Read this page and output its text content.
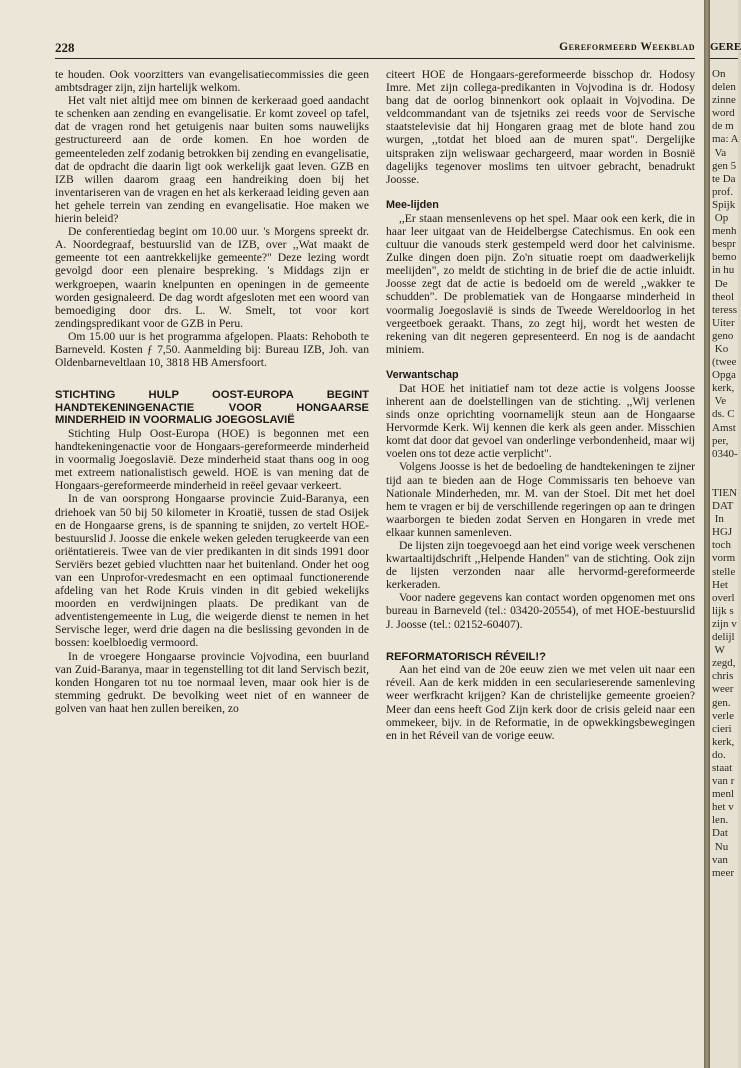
228	Gereformeerd Weekblad

te houden. Ook voorzitters van evangelisatiecommissies die geen ambtsdrager zijn, zijn hartelijk welkom.

Het valt niet altijd mee om binnen de kerkeraad goed aandacht te schenken aan zending en evangelisatie. Er komt zoveel op tafel, dat de vragen rond het getuigenis naar buiten soms nauwelijks gestructureerd aan de orde komen. En hoe worden de gemeenteleden zelf zodanig betrokken bij zending en evangelisatie, dat de opdracht die daarin ligt ook werkelijk gaat leven. GZB en IZB willen daarom graag een handreiking doen bij het inventariseren van de vragen en het als kerkeraad leiding geven aan het gehele terrein van zending en evangelisatie. Hoe maken we hierin beleid?

De conferentiedag begint om 10.00 uur. 's Morgens spreekt dr. A. Noordegraaf, bestuurslid van de IZB, over ,,Wat maakt de gemeente tot een aantrekkelijke gemeente?" Deze lezing wordt gevolgd door een plenaire bespreking. 's Middags zijn er werkgroepen, waarin knelpunten en openingen in de gemeente worden gesignaleerd. De dag wordt afgesloten met een woord van bemoediging door drs. L. W. Smelt, tot voor kort zendingspredikant voor de GZB in Peru.

Om 15.00 uur is het programma afgelopen. Plaats: Rehoboth te Barneveld. Kosten ƒ 7,50. Aanmelding bij: Bureau IZB, Joh. van Oldenbarneveltlaan 10, 3818 HB Amersfoort.

STICHTING HULP OOST-EUROPA BEGINT HANDTEKENINGENACTIE VOOR HONGAARSE MINDERHEID IN VOORMALIG JOEGOSLAVIË

Stichting Hulp Oost-Europa (HOE) is begonnen met een handtekeningenactie voor de Hongaars-gereformeerde minderheid in voormalig Joegoslavië. Deze minderheid staat thans oog in oog met extreem nationalistisch geweld. HOE is van mening dat de Hongaars-gereformeerde minderheid in reëel gevaar verkeert.

In de van oorsprong Hongaarse provincie Zuid-Baranya, een driehoek van 50 bij 50 kilometer in Kroatië, tussen de stad Osijek en de Hongaarse grens, is de spanning te snijden, zo vertelt HOE-bestuurslid J. Joosse die enkele weken geleden terugkeerde van een oriëntatiereis. Twee van de vier predikanten in dit sinds 1991 door Serviërs bezet gebied vluchtten naar het buitenland. Onder het oog van een Unprofor-vredesmacht en een optimaal functionerende afdeling van het Rode Kruis vinden in dit gebied wekelijks moorden en verdwijningen plaats. De predikant van de adventistengemeente in Lug, die weigerde dienst te nemen in het Servische leger, werd drie dagen na die beslissing gevonden in de bossen: koelbloedig vermoord.

In de vroegere Hongaarse provincie Vojvodina, een buurland van Zuid-Baranya, maar in tegenstelling tot dit land Servisch bezit, konden Hongaren tot nu toe normaal leven, maar ook hier is de stemming gedrukt. De bevolking weet niet of en wanneer de golven van haat hen zullen bereiken, zo

citeert HOE de Hongaars-gereformeerde bisschop dr. Hodosy Imre. Met zijn collega-predikanten in Vojvodina is dr. Hodosy bang dat de oorlog binnenkort ook oplaait in Vojvodina. De veldcommandant van de tsjetniks zei reeds voor de Servische staatstelevisie dat hij Hongaren graag met de blote hand zou wurgen, ,,totdat het bloed aan de muren spat". Dergelijke uitspraken zijn weliswaar gechargeerd, maar worden in Bosnië dagelijks tegenover moslims ten uitvoer gebracht, benadrukt Joosse.

Mee-lijden

,,Er staan mensenlevens op het spel. Maar ook een kerk, die in haar leer uitgaat van de Heidelbergse Catechismus. En ook een cultuur die vanouds sterk gestempeld werd door het calvinisme. Zulke dingen doen pijn. Zo'n situatie roept om daadwerkelijk meelijden", zo meldt de stichting in de brief die de actie inluidt. Joosse zegt dat de actie is bedoeld om de wereld ,,wakker te schudden". De problematiek van de Hongaarse minderheid in voormalig Joegoslavië is sinds de Tweede Wereldoorlog in het vergeetboek geraakt. Thans, zo zegt hij, wordt het westen de rekening van dit negeren gepresenteerd. En nog is de aandacht miniem.

Verwantschap

Dat HOE het initiatief nam tot deze actie is volgens Joosse inherent aan de doelstellingen van de stichting. ,,Wij verlenen sinds onze oprichting voornamelijk steun aan de Hongaarse Hervormde Kerk. Wij kennen die kerk als geen ander. Misschien komt dat door dat gevoel van onderlinge verbondenheid, maar wij voelen ons tot deze actie verplicht".

Volgens Joosse is het de bedoeling de handtekeningen te zijner tijd aan te bieden aan de Hoge Commissaris ten behoeve van Nationale Minderheden, mr. M. van der Stoel. Dit met het doel hem te vragen er bij de verschillende regeringen op aan te dringen waarborgen te bieden zodat Serven en Hongaren in vrede met elkaar kunnen samenleven.

De lijsten zijn toegevoegd aan het eind vorige week verschenen kwartaaltijdschrift ,,Helpende Handen" van de stichting. Ook zijn de lijsten verzonden naar alle hervormd-gereformeerde kerkeraden.

Voor nadere gegevens kan contact worden opgenomen met ons bureau in Barneveld (tel.: 03420-20554), of met HOE-bestuurslid J. Joosse (tel.: 02152-60407).

REFORMATORISCH RÉVEIL!?

Aan het eind van de 20e eeuw zien we met velen uit naar een réveil. Aan de kerk midden in een secularieserende samenleving weer werfkracht krijgen? Kan de christelijke gemeente groeien? Meer dan eens heeft God Zijn kerk door de crisis geleid naar een ommekeer, bijv. in de Reformatie, in de opwekkingsbewegingen en in het Réveil van de vorige eeuw.

GERE
On
delen
zinne
word
de m
ma: A
Va
gen 5
te Da
prof.
Spijk
Op
menh
bespr
bemo
in hu
De
theol
teress
Uiter
geno
Ko
(twee
Opga
kerk,
Ve
ds. C
Amst
per,
0340-

TIEN
DAT
In
HGJ
toch
vorm
stelle
Het
overl
lijk s
zijn v
delijl
W
zegd,
chris
weer
gen.
verle
cieri
kerk,
do.
staat
van r
menl
het v
len.
Dat
Nu
van
meer
